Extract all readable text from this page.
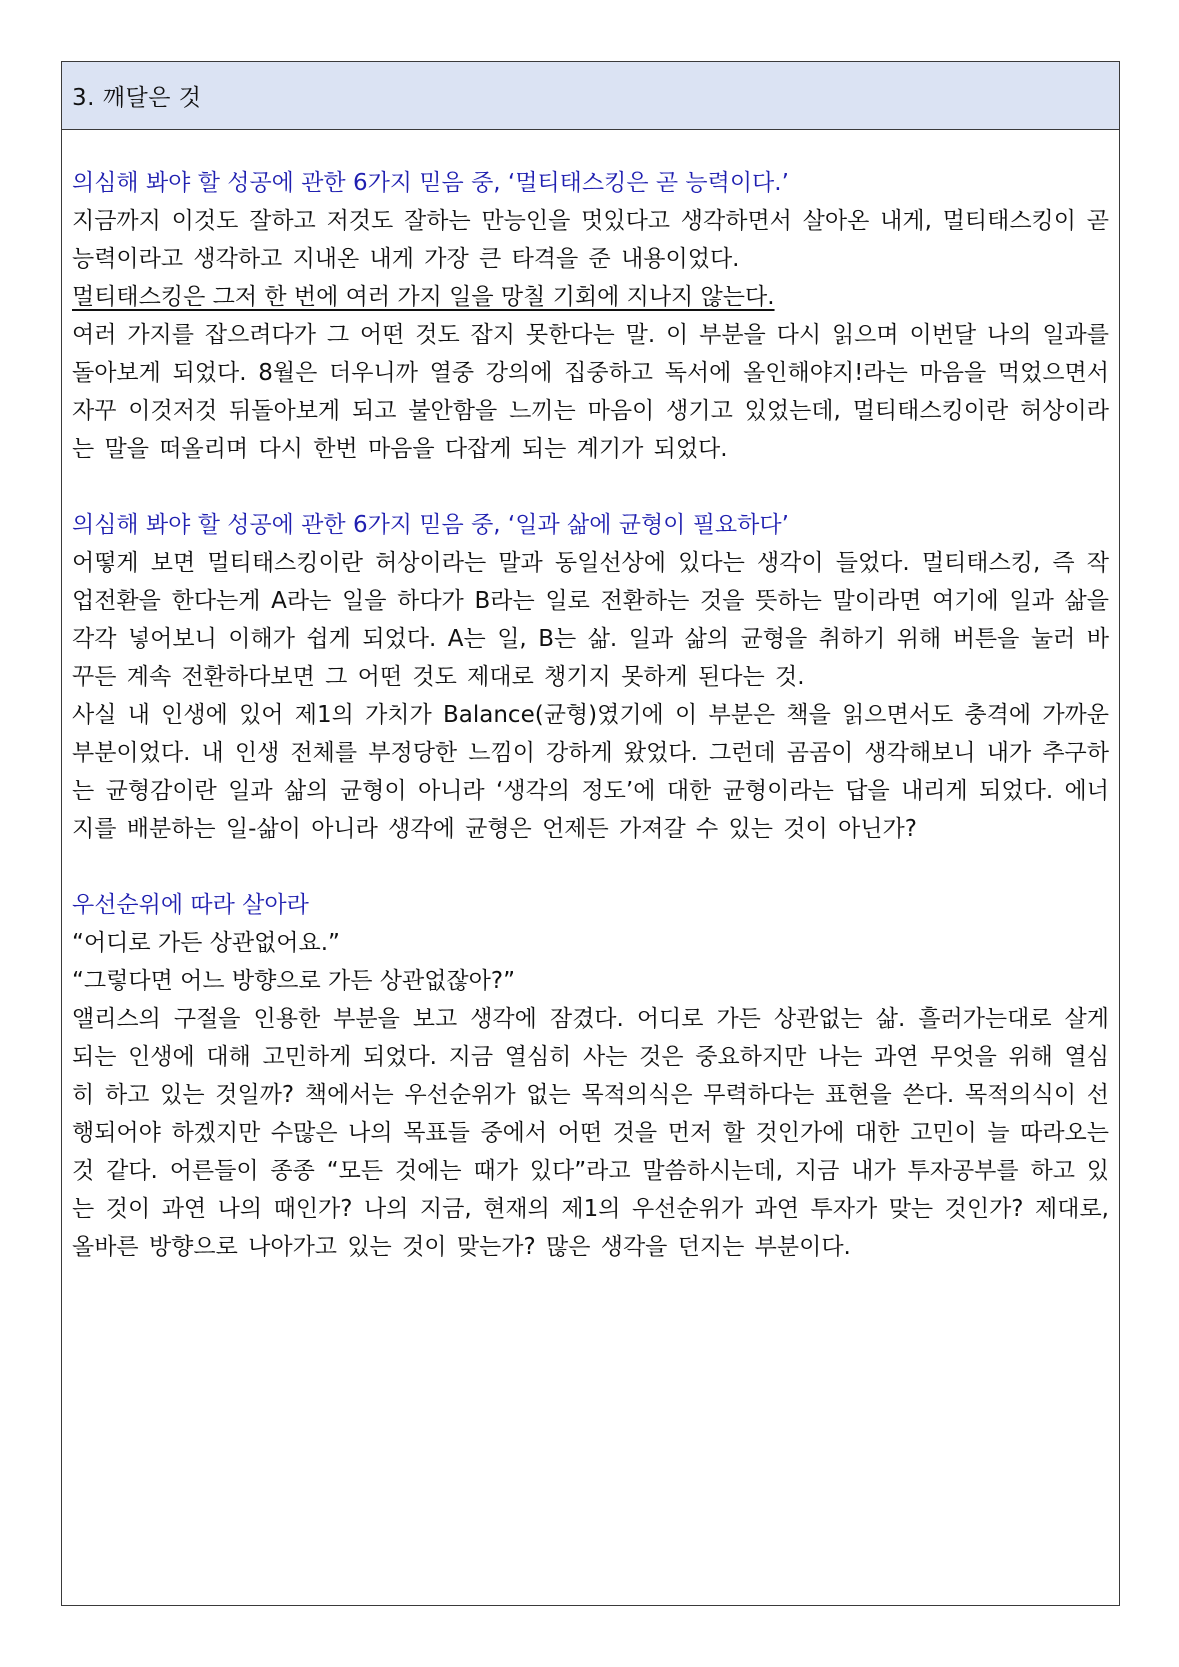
3. 깨달은 것
의심해 봐야 할 성공에 관한 6가지 믿음 중, ‘멀티태스킹은 곧 능력이다.’
지금까지 이것도 잘하고 저것도 잘하는 만능인을 멋있다고 생각하면서 살아온 내게, 멀티태스킹이 곧 능력이라고 생각하고 지내온 내게 가장 큰 타격을 준 내용이었다.
멀티태스킹은 그저 한 번에 여러 가지 일을 망칠 기회에 지나지 않는다.
여러 가지를 잡으려다가 그 어떤 것도 잡지 못한다는 말. 이 부분을 다시 읽으며 이번달 나의 일과를 돌아보게 되었다. 8월은 더우니까 열중 강의에 집중하고 독서에 올인해야지!라는 마음을 먹었으면서 자꾸 이것저것 뒤돌아보게 되고 불안함을 느끼는 마음이 생기고 있었는데, 멀티태스킹이란 허상이라는 말을 떠올리며 다시 한번 마음을 다잡게 되는 계기가 되었다.
의심해 봐야 할 성공에 관한 6가지 믿음 중, ‘일과 삶에 균형이 필요하다’
어떻게 보면 멀티태스킹이란 허상이라는 말과 동일선상에 있다는 생각이 들었다. 멀티태스킹, 즉 작업전환을 한다는게 A라는 일을 하다가 B라는 일로 전환하는 것을 뜻하는 말이라면 여기에 일과 삶을 각각 넣어보니 이해가 쉽게 되었다. A는 일, B는 삶. 일과 삶의 균형을 취하기 위해 버튼을 눌러 바꾸든 계속 전환하다보면 그 어떤 것도 제대로 챙기지 못하게 된다는 것.
사실 내 인생에 있어 제1의 가치가 Balance(균형)였기에 이 부분은 책을 읽으면서도 충격에 가까운 부분이었다. 내 인생 전체를 부정당한 느낌이 강하게 왔었다. 그런데 곰곰이 생각해보니 내가 추구하는 균형감이란 일과 삶의 균형이 아니라 ‘생각의 정도’에 대한 균형이라는 답을 내리게 되었다. 에너지를 배분하는 일-삶이 아니라 생각에 균형은 언제든 가져갈 수 있는 것이 아닌가?
우선순위에 따라 살아라
“어디로 가든 상관없어요.”
“그렇다면 어느 방향으로 가든 상관없잖아?”
앨리스의 구절을 인용한 부분을 보고 생각에 잠겼다. 어디로 가든 상관없는 삶. 흘러가는대로 살게 되는 인생에 대해 고민하게 되었다. 지금 열심히 사는 것은 중요하지만 나는 과연 무엇을 위해 열심히 하고 있는 것일까? 책에서는 우선순위가 없는 목적의식은 무력하다는 표현을 쓴다. 목적의식이 선행되어야 하겠지만 수많은 나의 목표들 중에서 어떤 것을 먼저 할 것인가에 대한 고민이 늘 따라오는 것 같다. 어른들이 종종 “모든 것에는 때가 있다”라고 말씀하시는데, 지금 내가 투자공부를 하고 있는 것이 과연 나의 때인가? 나의 지금, 현재의 제1의 우선순위가 과연 투자가 맞는 것인가? 제대로, 올바른 방향으로 나아가고 있는 것이 맞는가? 많은 생각을 던지는 부분이다.
